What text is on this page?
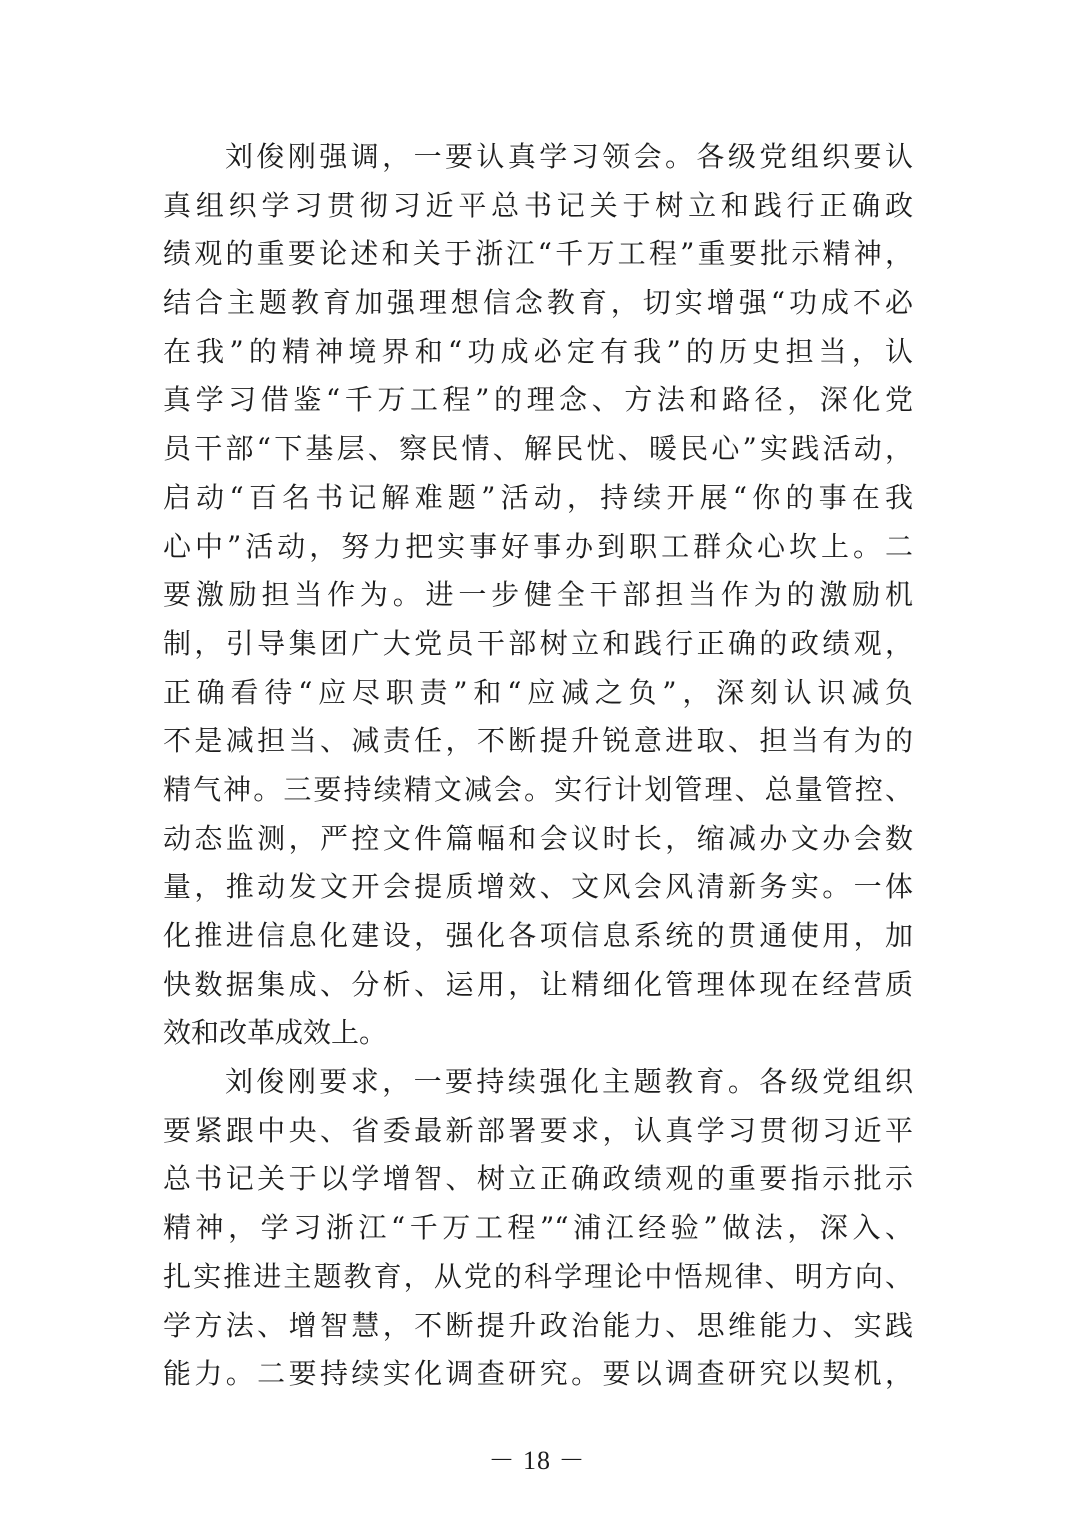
刘俊刚强调，一要认真学习领会。各级党组织要认
真组织学习贯彻习近平总书记关于树立和践行正确政
绩观的重要论述和关于浙江“千万工程”重要批示精神，
结合主题教育加强理想信念教育，切实增强“功成不必
在我”的精神境界和“功成必定有我”的历史担当，认
真学习借鉴“千万工程”的理念、方法和路径，深化党
员干部“下基层、察民情、解民忧、暖民心”实践活动，
启动“百名书记解难题”活动，持续开展“你的事在我
心中”活动，努力把实事好事办到职工群众心坎上。二
要激励担当作为。进一步健全干部担当作为的激励机
制，引导集团广大党员干部树立和践行正确的政绩观，
正确看待“应尽职责”和“应减之负”，深刻认识减负
不是减担当、减责任，不断提升锐意进取、担当有为的
精气神。三要持续精文减会。实行计划管理、总量管控、
动态监测，严控文件篇幅和会议时长，缩减办文办会数
量，推动发文开会提质增效、文风会风清新务实。一体
化推进信息化建设，强化各项信息系统的贯通使用，加
快数据集成、分析、运用，让精细化管理体现在经营质
效和改革成效上。
刘俊刚要求，一要持续强化主题教育。各级党组织
要紧跟中央、省委最新部署要求，认真学习贯彻习近平
总书记关于以学增智、树立正确政绩观的重要指示批示
精神，学习浙江“千万工程”“浦江经验”做法，深入、
扎实推进主题教育，从党的科学理论中悟规律、明方向、
学方法、增智慧，不断提升政治能力、思维能力、实践
能力。二要持续实化调查研究。要以调查研究以契机，
－ 18 －
